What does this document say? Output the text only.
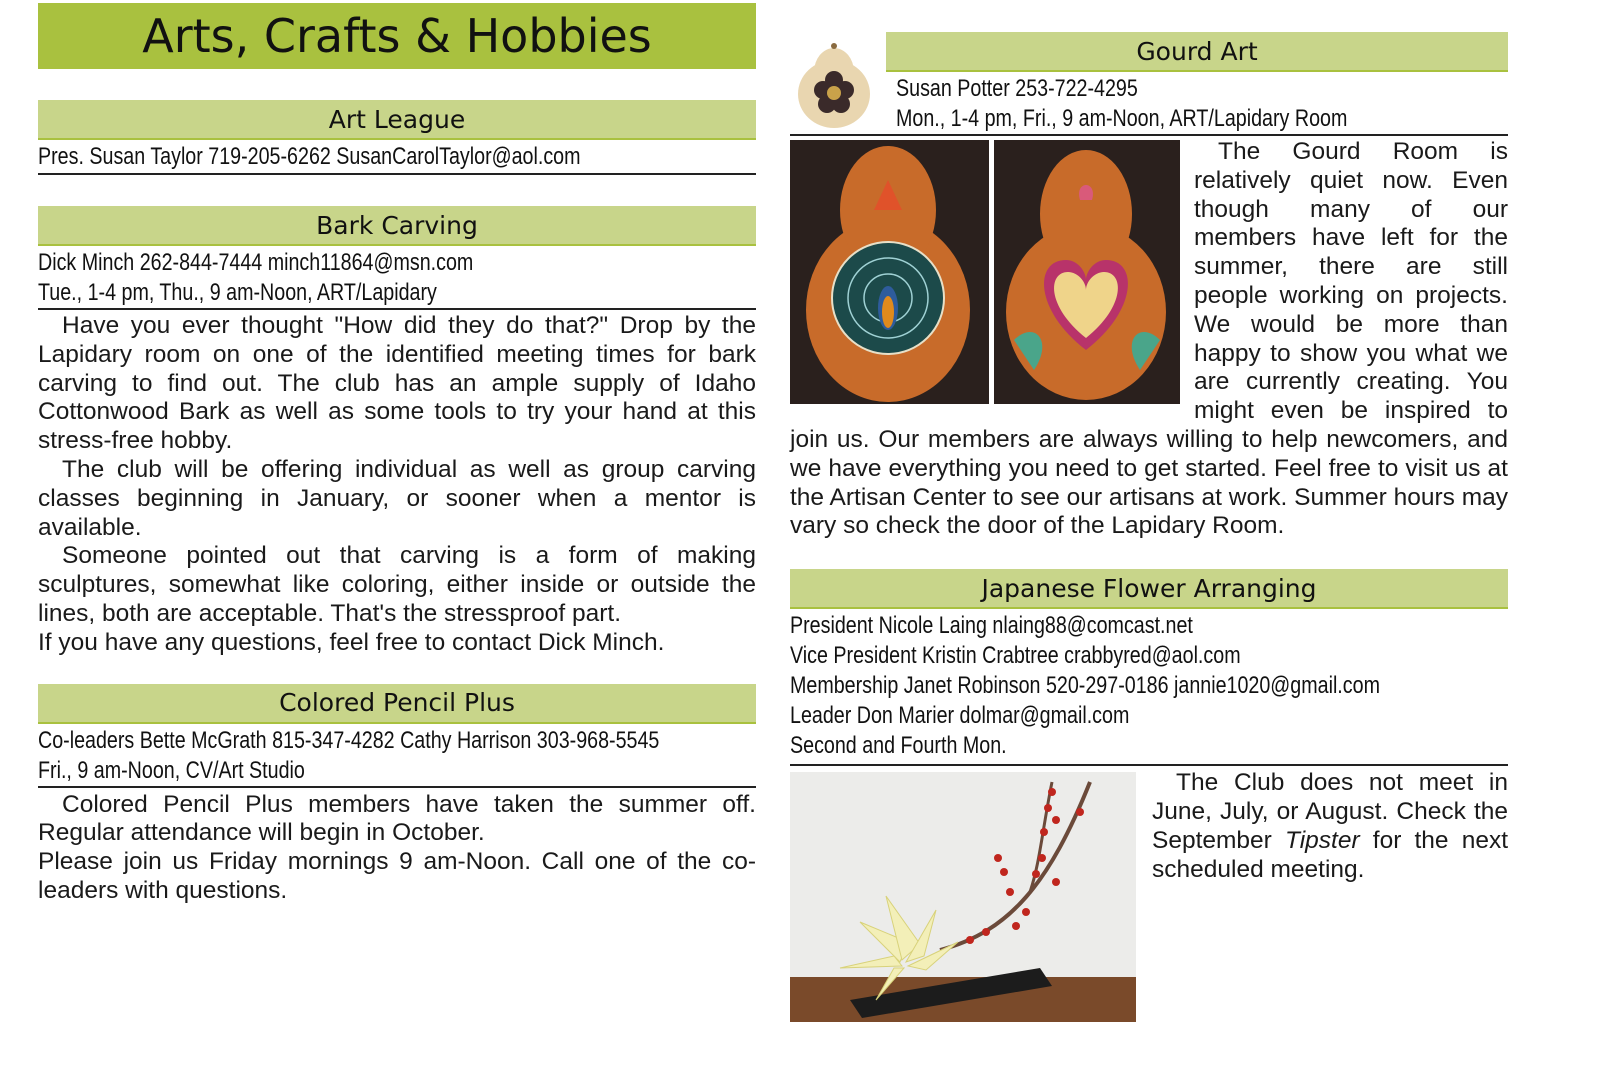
Arts, Crafts & Hobbies
Art League
Pres. Susan Taylor 719-205-6262 SusanCarolTaylor@aol.com
Bark Carving
Dick Minch 262-844-7444 minch11864@msn.com
Tue., 1-4 pm, Thu., 9 am-Noon, ART/Lapidary

Have you ever thought "How did they do that?" Drop by the Lapidary room on one of the identified meeting times for bark carving to find out. The club has an ample supply of Idaho Cottonwood Bark as well as some tools to try your hand at this stress-free hobby.

The club will be offering individual as well as group carving classes beginning in January, or sooner when a mentor is available.

Someone pointed out that carving is a form of making sculptures, somewhat like coloring, either inside or outside the lines, both are acceptable. That's the stressproof part.

If you have any questions, feel free to contact Dick Minch.

Colored Pencil Plus
Co-leaders Bette McGrath 815-347-4282 Cathy Harrison 303-968-5545
Fri., 9 am-Noon, CV/Art Studio

Colored Pencil Plus members have taken the summer off. Regular attendance will begin in October.

Please join us Friday mornings 9 am-Noon. Call one of the co-leaders with questions.

Gourd Art
Susan Potter 253-722-4295
Mon., 1-4 pm, Fri., 9 am-Noon, ART/Lapidary Room

The Gourd Room is relatively quiet now. Even though many of our members have left for the summer, there are still people working on projects. We would be more than happy to show you what we are currently creating. You might even be inspired to join us. Our members are always willing to help newcomers, and we have everything you need to get started. Feel free to visit us at the Artisan Center to see our artisans at work. Summer hours may vary so check the door of the Lapidary Room.

Japanese Flower Arranging
President Nicole Laing nlaing88@comcast.net
Vice President Kristin Crabtree crabbyred@aol.com
Membership Janet Robinson 520-297-0186 jannie1020@gmail.com
Leader Don Marier dolmar@gmail.com
Second and Fourth Mon.

The Club does not meet in June, July, or August. Check the September Tipster for the next scheduled meeting.
